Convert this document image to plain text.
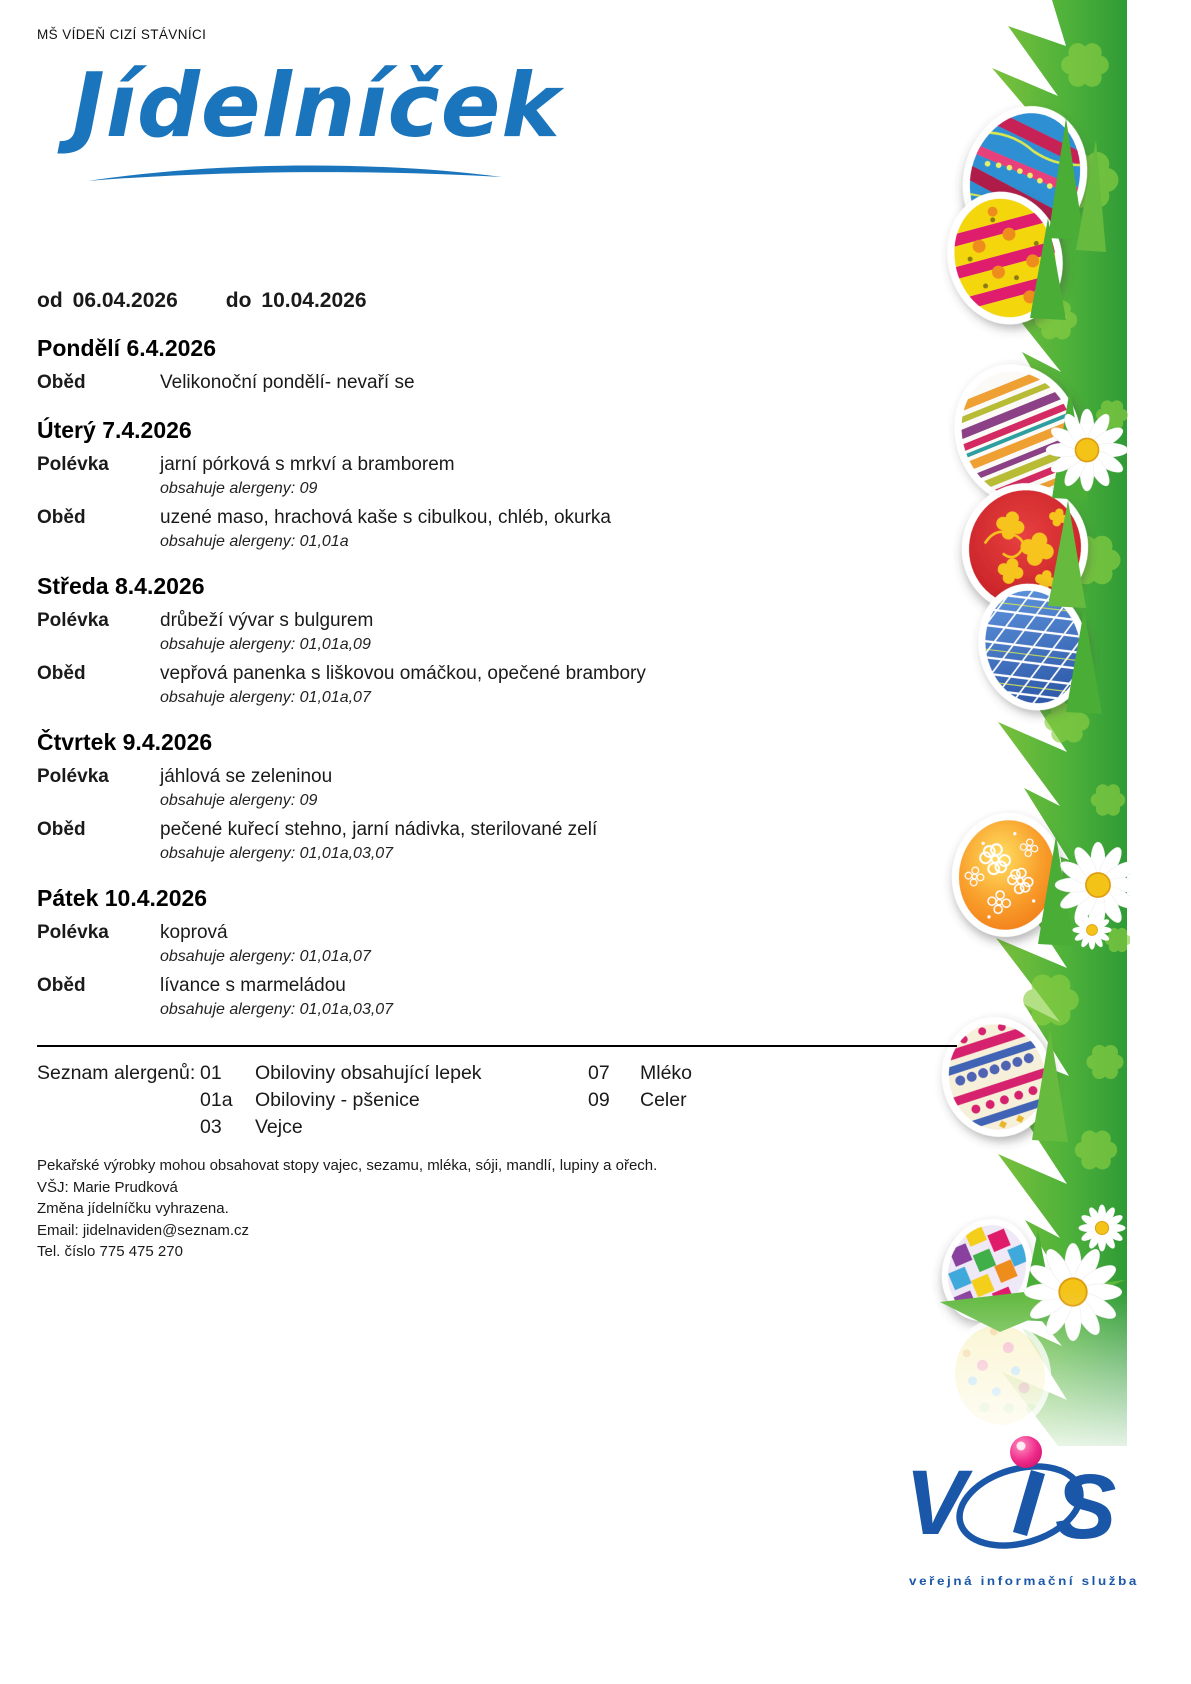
MŠ VÍDEŇ CIZÍ STÁVNÍCI
Jídelníček
od 06.04.2026 do 10.04.2026
Pondělí 6.4.2026
Oběd	Velikonoční pondělí- nevaří se
Úterý 7.4.2026
Polévka	jarní pórková s mrkví a bramborem
obsahuje alergeny: 09
Oběd	uzené maso, hrachová kaše s cibulkou, chléb, okurka
obsahuje alergeny: 01,01a
Středa 8.4.2026
Polévka	drůbeží vývar s bulgurem
obsahuje alergeny: 01,01a,09
Oběd	vepřová panenka s liškovou omáčkou, opečené brambory
obsahuje alergeny: 01,01a,07
Čtvrtek 9.4.2026
Polévka	jáhlová se zeleninou
obsahuje alergeny: 09
Oběd	pečené kuřecí stehno, jarní nádivka, sterilované zelí
obsahuje alergeny: 01,01a,03,07
Pátek 10.4.2026
Polévka	koprová
obsahuje alergeny: 01,01a,07
Oběd	lívance s marmeládou
obsahuje alergeny: 01,01a,03,07
Seznam alergenů: 01	Obiloviny obsahující lepek	07	Mléko
01a	Obiloviny - pšenice	09	Celer
03	Vejce
Pekařské výrobky mohou obsahovat stopy vajec, sezamu, mléka, sóji, mandlí, lupiny a ořech.
VŠJ: Marie Prudková
Změna jídelníčku vyhrazena.
Email: jidelnaviden@seznam.cz
Tel. číslo 775 475 270
V S
veřejná informační služba
